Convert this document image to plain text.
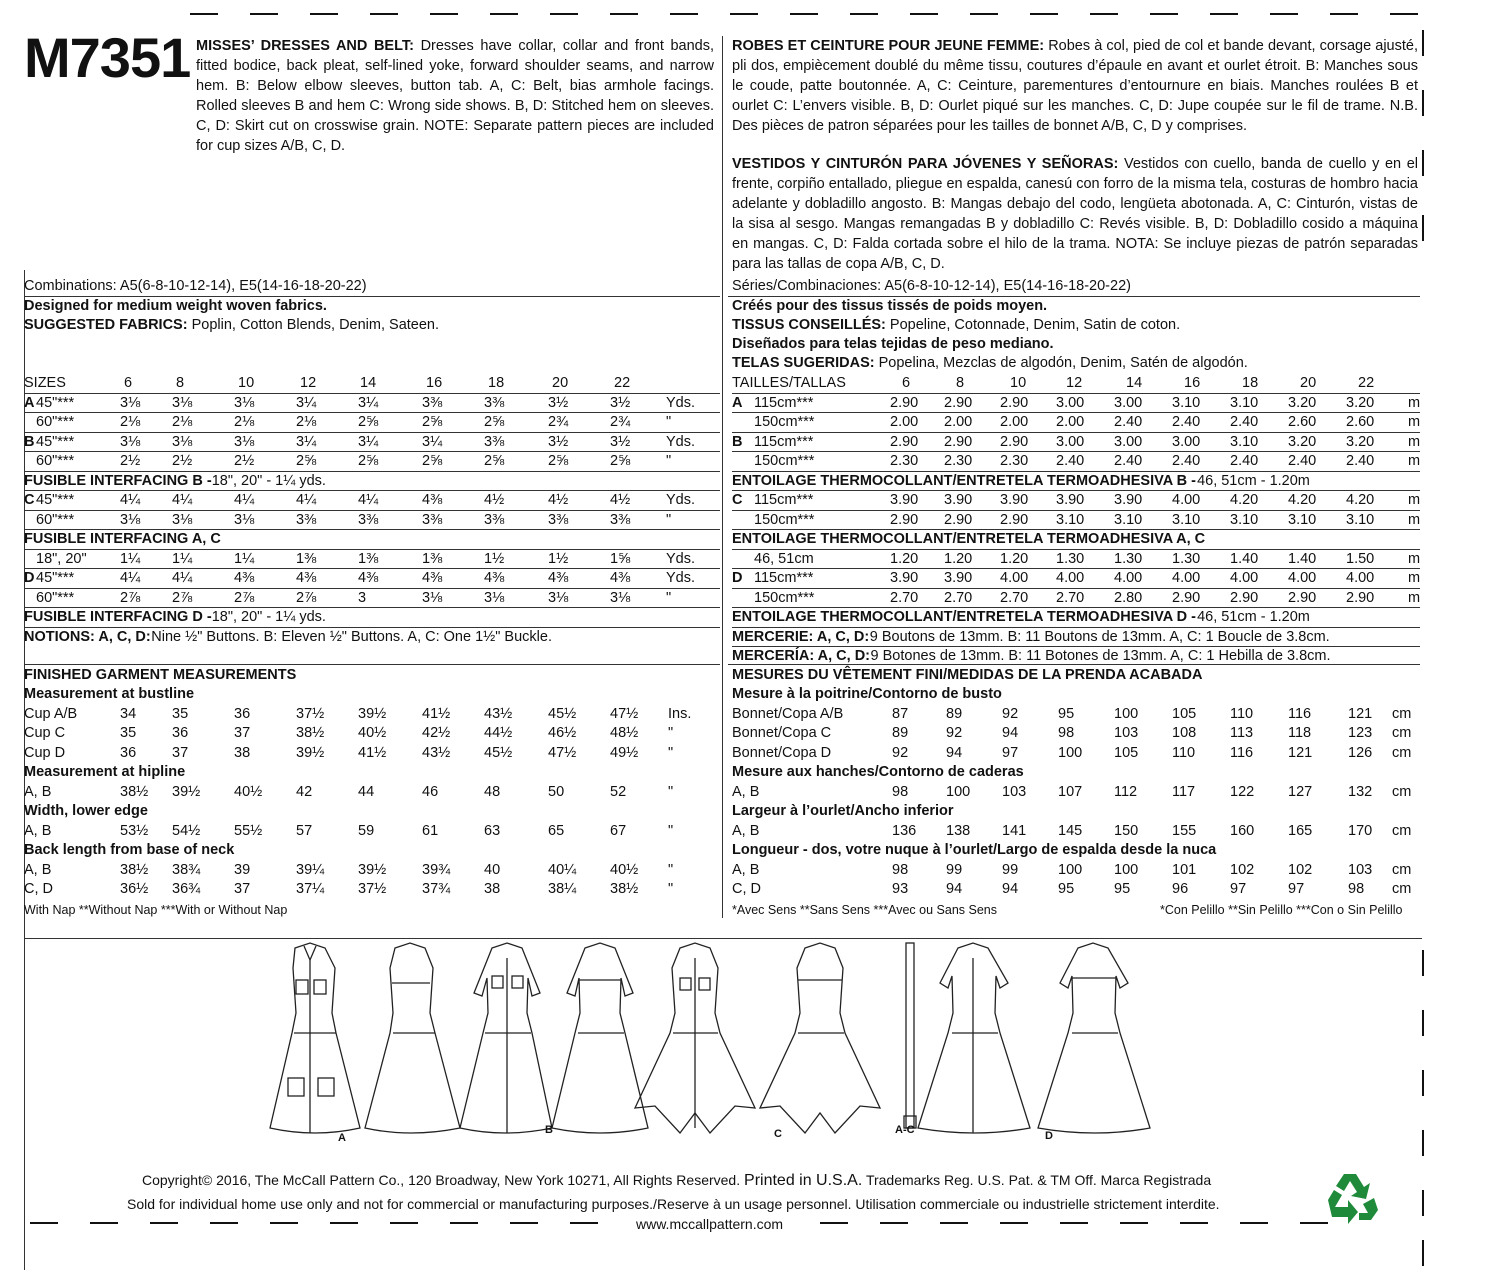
M7351 MISSES’ DRESSES AND BELT: Dresses have collar, collar and front bands, fitted bodice, back pleat, self-lined yoke, forward shoulder seams, and narrow hem. B: Below elbow sleeves, button tab. A, C: Belt, bias armhole facings. Rolled sleeves B and hem C: Wrong side shows. B, D: Stitched hem on sleeves. C, D: Skirt cut on crosswise grain. NOTE: Separate pattern pieces are included for cup sizes A/B, C, D.

ROBES ET CEINTURE POUR JEUNE FEMME: Robes à col, pied de col et bande devant, corsage ajusté, pli dos, empiècement doublé du même tissu, coutures d’épaule en avant et ourlet étroit. B: Manches sous le coude, patte boutonnée. A, C: Ceinture, parementures d’entournure en biais. Manches roulées B et ourlet C: L’envers visible. B, D: Ourlet piqué sur les manches. C, D: Jupe coupée sur le fil de trame. N.B. Des pièces de patron séparées pour les tailles de bonnet A/B, C, D y comprises.

VESTIDOS Y CINTURÓN PARA JÓVENES Y SEÑORAS: Vestidos con cuello, banda de cuello y en el frente, corpiño entallado, pliegue en espalda, canesú con forro de la misma tela, costuras de hombro hacia adelante y dobladillo angosto. B: Mangas debajo del codo, lengüeta abotonada. A, C: Cinturón, vistas de la sisa al sesgo. Mangas remangadas B y dobladillo C: Revés visible. B, D: Dobladillo cosido a máquina en mangas. C, D: Falda cortada sobre el hilo de la trama. NOTA: Se incluye piezas de patrón separadas para las tallas de copa A/B, C, D.

Combinations: A5(6-8-10-12-14), E5(14-16-18-20-22)
Designed for medium weight woven fabrics.
SUGGESTED FABRICS: Poplin, Cotton Blends, Denim, Sateen.
SIZES	6	8	10	12	14	16	18	20	22
A 45"***	3⅛ 3⅛	3⅛	3¼	3¼	3⅜	3⅜	3½	3½ Yds.
60"***	2⅛ 2⅛	2⅛	2⅛	2⅝	2⅝	2⅝	2¾	2¾ "
B 45"***	3⅛ 3⅛	3⅛	3¼	3¼	3¼	3⅜	3½	3½ Yds.
60"***	2½ 2½	2½	2⅝	2⅝	2⅝	2⅝	2⅝	2⅝ "
FUSIBLE INTERFACING B - 18", 20" - 1¼ yds.
C 45"***	4¼ 4¼	4¼	4¼	4¼	4⅜	4½	4½	4½ Yds.
60"***	3⅛ 3⅛	3⅛	3⅜	3⅜	3⅜	3⅜	3⅜	3⅜ "
FUSIBLE INTERFACING A, C
18", 20" 1¼ 1¼	1¼	1⅜	1⅜	1⅜	1½	1½	1⅝ Yds.
D 45"***	4¼ 4¼	4⅜	4⅜	4⅜	4⅜	4⅜	4⅜	4⅜ Yds.
60"***	2⅞ 2⅞	2⅞	2⅞	3	3⅛	3⅛	3⅛	3⅛ "
FUSIBLE INTERFACING D - 18", 20" - 1¼ yds.
NOTIONS: A, C, D: Nine ½" Buttons. B: Eleven ½" Buttons. A, C: One 1½" Buckle.
FINISHED GARMENT MEASUREMENTS
Measurement at bustline
Cup A/B	34 35	36	37½ 39½ 41½ 43½ 45½ 47½ Ins.
Cup C	35 36	37	38½ 40½ 42½ 44½ 46½ 48½ "
Cup D	36 37	38	39½ 41½ 43½ 45½ 47½ 49½ "
Measurement at hipline
A, B	38½ 39½ 40½ 42	44	46	48	50	52	"
Width, lower edge
A, B	53½ 54½ 55½ 57	59	61	63	65	67	"
Back length from base of neck
A, B	38½ 38¾ 39	39¼ 39½ 39¾ 40	40¼ 40½ "
C, D	36½ 36¾ 37	37¼ 37½ 37¾ 38	38¼ 38½ "
With Nap **Without Nap ***With or Without Nap
Séries/Combinaciones: A5(6-8-10-12-14), E5(14-16-18-20-22)
Créés pour des tissus tissés de poids moyen.
TISSUS CONSEILLÉS: Popeline, Cotonnade, Denim, Satin de coton.
Diseñados para telas tejidas de peso mediano.
TELAS SUGERIDAS: Popelina, Mezclas de algodón, Denim, Satén de algodón.
TAILLES/TALLAS	6	8	10	12	14	16	18	20	22
A 115cm***	2.90 2.90 2.90 3.00 3.00 3.10 3.10 3.20 3.20 m
150cm***	2.00 2.00 2.00 2.00 2.40 2.40 2.40 2.60 2.60 m
B 115cm***	2.90 2.90 2.90 3.00 3.00 3.00 3.10 3.20 3.20 m
150cm***	2.30 2.30 2.30 2.40 2.40 2.40 2.40 2.40 2.40 m
ENTOILAGE THERMOCOLLANT/ENTRETELA TERMOADHESIVA B - 46, 51cm - 1.20m
C 115cm***	3.90 3.90 3.90 3.90 3.90 4.00 4.20 4.20 4.20 m
150cm***	2.90 2.90 2.90 3.10 3.10 3.10 3.10 3.10 3.10 m
ENTOILAGE THERMOCOLLANT/ENTRETELA TERMOADHESIVA A, C
46, 51cm	1.20 1.20 1.20 1.30 1.30 1.30 1.40 1.40 1.50 m
D 115cm***	3.90 3.90 4.00 4.00 4.00 4.00 4.00 4.00 4.00 m
150cm***	2.70 2.70 2.70 2.70 2.80 2.90 2.90 2.90 2.90 m
ENTOILAGE THERMOCOLLANT/ENTRETELA TERMOADHESIVA D - 46, 51cm - 1.20m
MERCERIE: A, C, D: 9 Boutons de 13mm. B: 11 Boutons de 13mm. A, C: 1 Boucle de 3.8cm.
MERCERÍA: A, C, D: 9 Botones de 13mm. B: 11 Botones de 13mm. A, C: 1 Hebilla de 3.8cm.
MESURES DU VÊTEMENT FINI/MEDIDAS DE LA PRENDA ACABADA
Mesure à la poitrine/Contorno de busto
Bonnet/Copa A/B	87	89	92	95	100 105 110 116	121 cm
Bonnet/Copa C	89	92	94	98	103 108 113 118	123 cm
Bonnet/Copa D	92	94	97	100 105 110 116 121 126 cm
Mesure aux hanches/Contorno de caderas
A, B	98	100 103 107 112 117 122 127 132 cm
Largeur à l’ourlet/Ancho inferior
A, B	136 138 141 145 150 155 160 165 170 cm
Longueur - dos, votre nuque à l’ourlet/Largo de espalda desde la nuca
A, B	98	99	99	100 100 101 102 102 103 cm
C, D	93	94	94	95	95	96	97	97	98 cm
*Avec Sens **Sans Sens ***Avec ou Sans Sens	*Con Pelillo **Sin Pelillo ***Con o Sin Pelillo
A
B	C	A-C	D
Copyright© 2016, The McCall Pattern Co., 120 Broadway, New York 10271, All Rights Reserved. Printed in U.S.A. Trademarks Reg. U.S. Pat. & TM Off. Marca Registrada
Sold for individual home use only and not for commercial or manufacturing purposes./Reserve à un usage personnel. Utilisation commerciale ou industrielle strictement interdite.
www.mccallpattern.com
